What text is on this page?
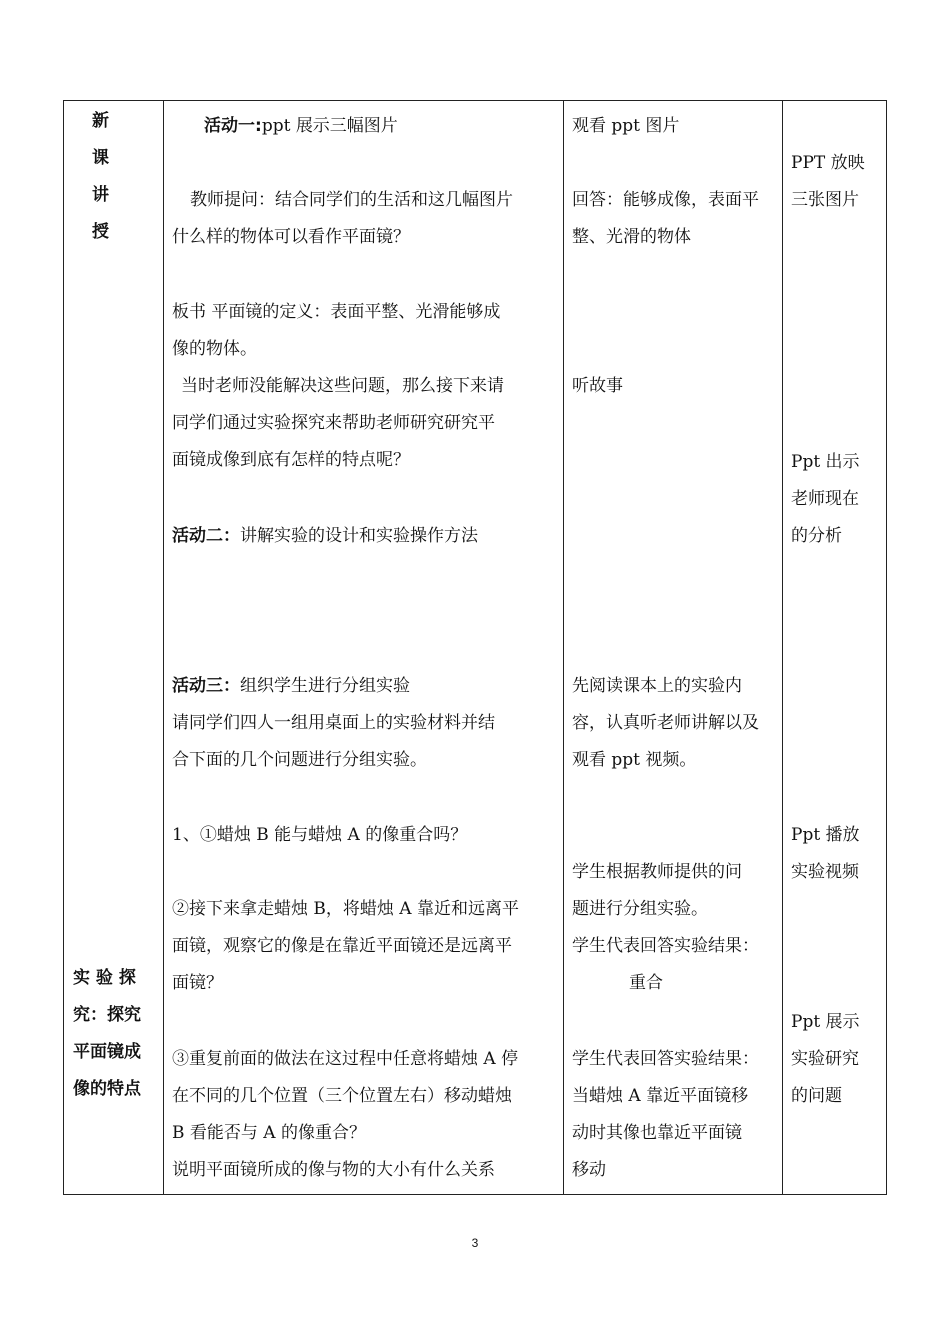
新
课
讲
授
实 验 探
究：探究
平面镜成
像的特点
活动一:ppt 展示三幅图片
教师提问：结合同学们的生活和这几幅图片
什么样的物体可以看作平面镜？
板书 平面镜的定义：表面平整、光滑能够成
像的物体。
当时老师没能解决这些问题，那么接下来请
同学们通过实验探究来帮助老师研究研究平
面镜成像到底有怎样的特点呢？
活动二：讲解实验的设计和实验操作方法
活动三：组织学生进行分组实验
请同学们四人一组用桌面上的实验材料并结
合下面的几个问题进行分组实验。
1、①蜡烛 B 能与蜡烛 A 的像重合吗？
②接下来拿走蜡烛 B，将蜡烛 A 靠近和远离平
面镜，观察它的像是在靠近平面镜还是远离平
面镜？
③重复前面的做法在这过程中任意将蜡烛 A 停
在不同的几个位置（三个位置左右）移动蜡烛
B 看能否与 A 的像重合？
说明平面镜所成的像与物的大小有什么关系
观看 ppt 图片
回答：能够成像，表面平
整、光滑的物体
听故事
先阅读课本上的实验内
容，认真听老师讲解以及
观看 ppt 视频。
学生根据教师提供的问
题进行分组实验。
学生代表回答实验结果：
重合
学生代表回答实验结果：
当蜡烛 A 靠近平面镜移
动时其像也靠近平面镜
移动
PPT 放映
三张图片
Ppt 出示
老师现在
的分析
Ppt 播放
实验视频
Ppt 展示
实验研究
的问题
3
